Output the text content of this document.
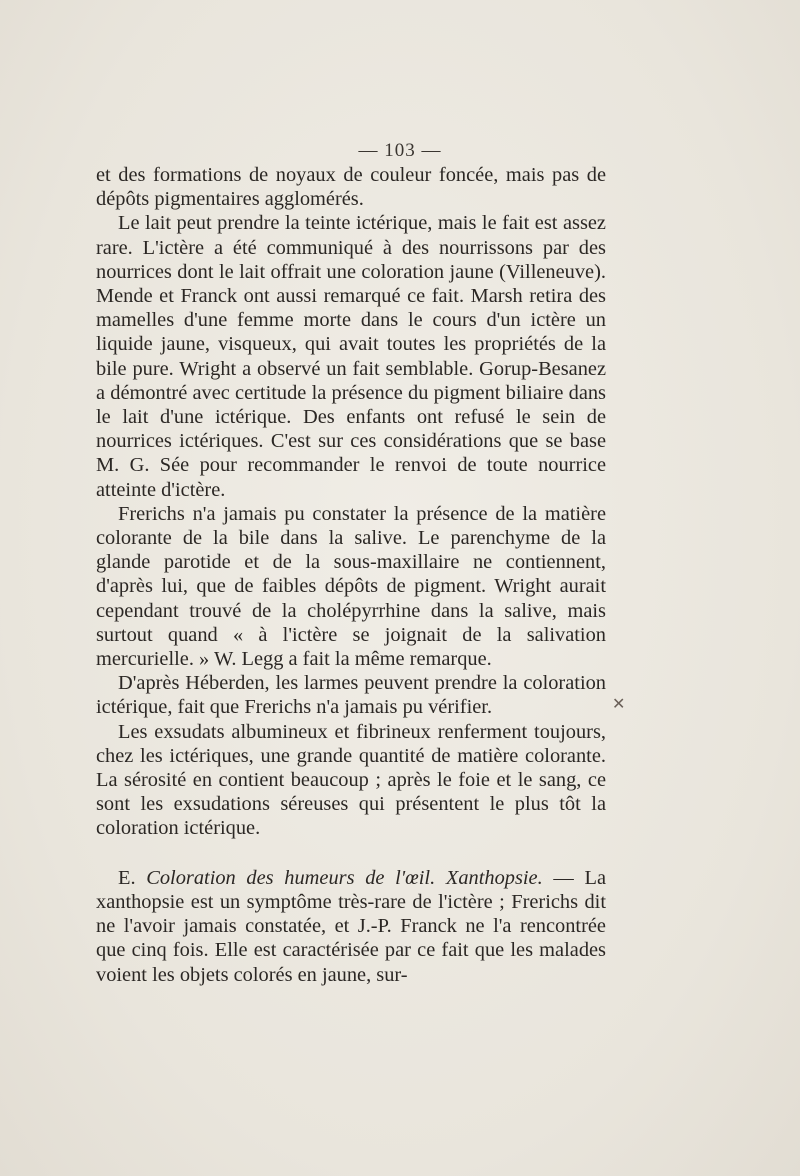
— 103 —

et des formations de noyaux de couleur foncée, mais pas de dépôts pigmentaires agglomérés.

Le lait peut prendre la teinte ictérique, mais le fait est assez rare. L'ictère a été communiqué à des nourrissons par des nourrices dont le lait offrait une coloration jaune (Villeneuve). Mende et Franck ont aussi remarqué ce fait. Marsh retira des mamelles d'une femme morte dans le cours d'un ictère un liquide jaune, visqueux, qui avait toutes les propriétés de la bile pure. Wright a observé un fait semblable. Gorup-Besanez a démontré avec certitude la présence du pigment biliaire dans le lait d'une ictérique. Des enfants ont refusé le sein de nourrices ictériques. C'est sur ces considérations que se base M. G. Sée pour recommander le renvoi de toute nourrice atteinte d'ictère.

Frerichs n'a jamais pu constater la présence de la matière colorante de la bile dans la salive. Le parenchyme de la glande parotide et de la sous-maxillaire ne contiennent, d'après lui, que de faibles dépôts de pigment. Wright aurait cependant trouvé de la cholépyrrhine dans la salive, mais surtout quand « à l'ictère se joignait de la salivation mercurielle. » W. Legg a fait la même remarque.

D'après Héberden, les larmes peuvent prendre la coloration ictérique, fait que Frerichs n'a jamais pu vérifier.

Les exsudats albumineux et fibrineux renferment toujours, chez les ictériques, une grande quantité de matière colorante. La sérosité en contient beaucoup ; après le foie et le sang, ce sont les exsudations séreuses qui présentent le plus tôt la coloration ictérique.

E. Coloration des humeurs de l'œil. Xanthopsie. — La xanthopsie est un symptôme très-rare de l'ictère ; Frerichs dit ne l'avoir jamais constatée, et J.-P. Franck ne l'a rencontrée que cinq fois. Elle est caractérisée par ce fait que les malades voient les objets colorés en jaune, sur-

✕
